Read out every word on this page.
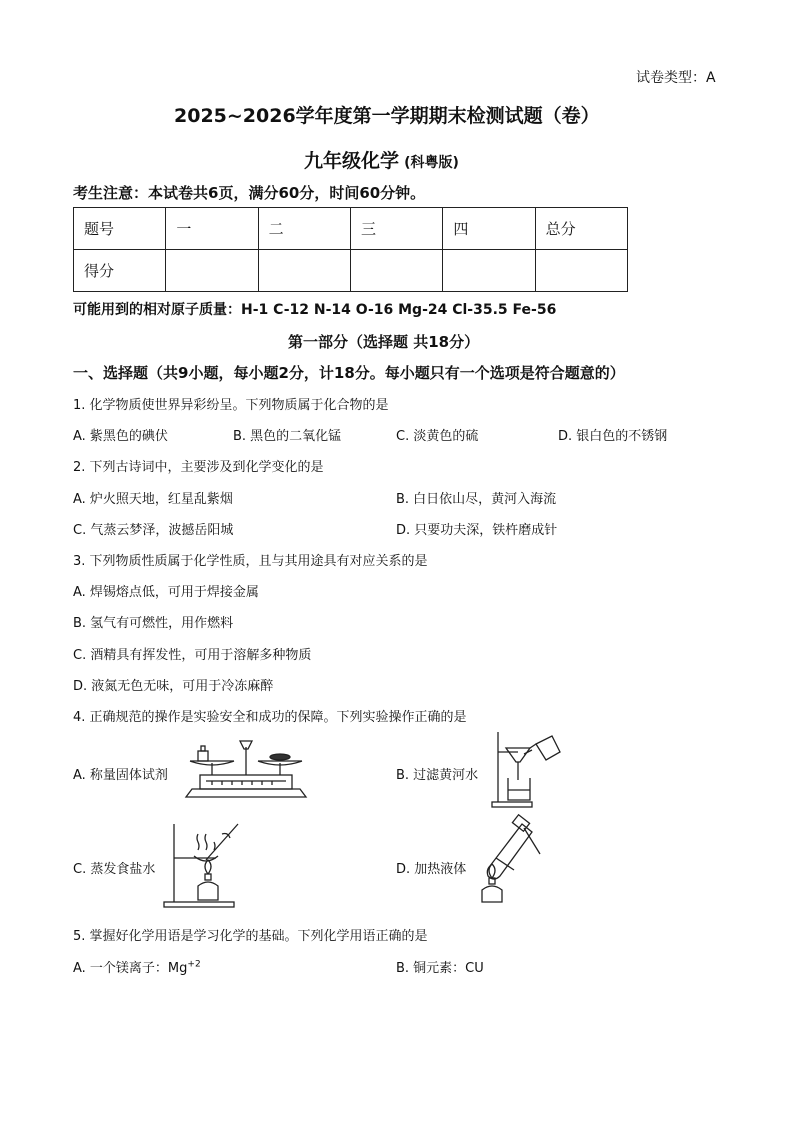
试卷类型：A
2025~2026学年度第一学期期末检测试题（卷）
九年级化学 (科粤版)
考生注意：本试卷共6页，满分60分，时间60分钟。
题号	一	二	三	四	总分
得分					
可能用到的相对原子质量：H-1 C-12 N-14 O-16 Mg-24 Cl-35.5 Fe-56
第一部分（选择题 共18分）
一、选择题（共9小题，每小题2分，计18分。每小题只有一个选项是符合题意的）
1. 化学物质使世界异彩纷呈。下列物质属于化合物的是
A. 紫黑色的碘伏	B. 黑色的二氧化锰	C. 淡黄色的硫	D. 银白色的不锈钢
2. 下列古诗词中，主要涉及到化学变化的是
A. 炉火照天地，红星乱紫烟	B. 白日依山尽，黄河入海流
C. 气蒸云梦泽，波撼岳阳城	D. 只要功夫深，铁杵磨成针
3. 下列物质性质属于化学性质，且与其用途具有对应关系的是
A. 焊锡熔点低，可用于焊接金属
B. 氢气有可燃性，用作燃料
C. 酒精具有挥发性，可用于溶解多种物质
D. 液氮无色无味，可用于冷冻麻醉
4. 正确规范的操作是实验安全和成功的保障。下列实验操作正确的是
A. 称量固体试剂	B. 过滤黄河水
C. 蒸发食盐水	D. 加热液体
5. 掌握好化学用语是学习化学的基础。下列化学用语正确的是
A. 一个镁离子：$Mg^{+2}$	B. 铜元素：CU
